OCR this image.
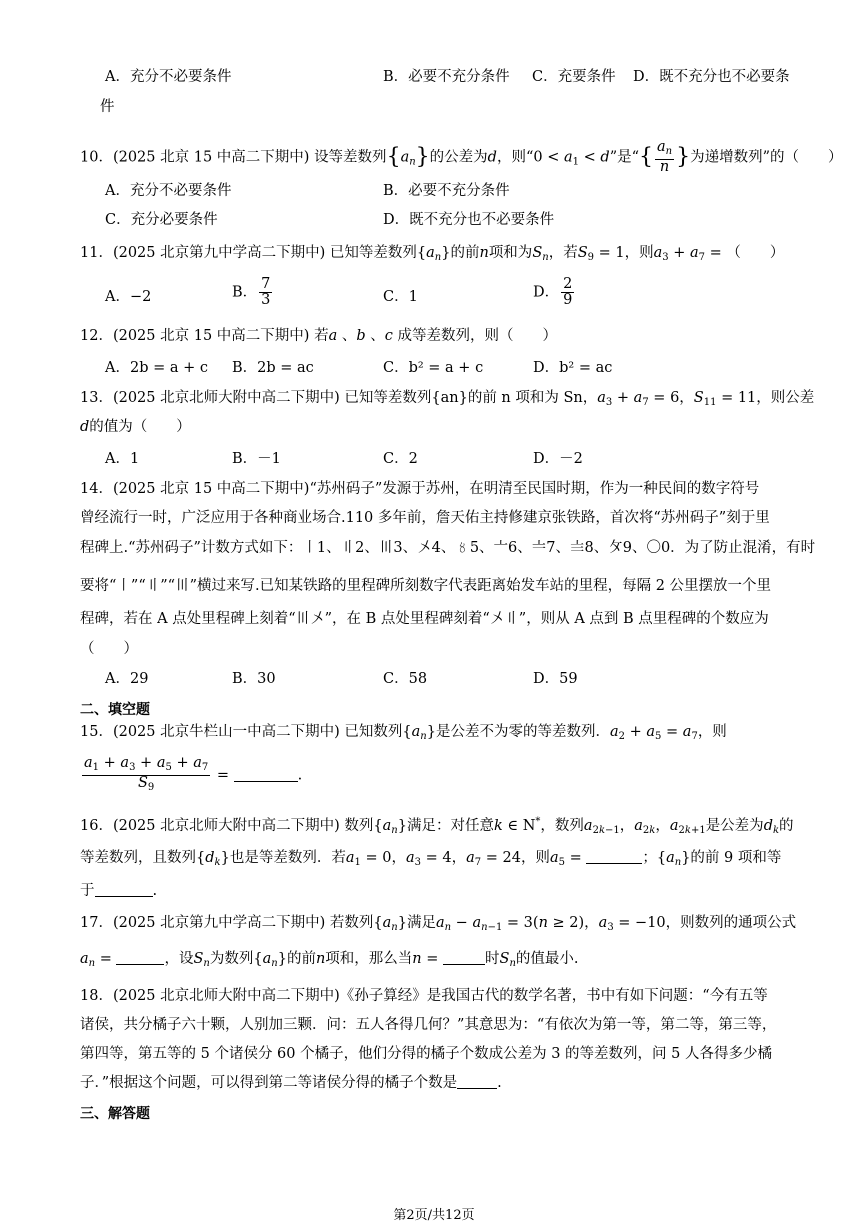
A．充分不必要条件	B．必要不充分条件 C．充要条件 D．既不充分也不必要条
件
10．(2025 北京 15 中高二下期中) 设等差数列$\{a_n\}$的公差为d，则“$0 < a_1 < d$”是“{ $\frac{a_n}{n}$ }为递增数列”的（　　）
A．充分不必要条件	B．必要不充分条件
C．充分必要条件	D．既不充分也不必要条件
11．(2025 北京第九中学高二下期中) 已知等差数列$\{a_n\}$的前n项和为$S_n$，若$S_9 = 1$，则$a_3 + a_7$ = （　　）
A．−2	B． $\frac{7}{3}$	C．1	D． $\frac{2}{9}$
12．(2025 北京 15 中高二下期中) 若a 、b 、c 成等差数列，则（　　）
A．2b = a + c B．2b = ac	C．b² = a + c	D．b² = ac
13．(2025 北京北师大附中高二下期中) 已知等差数列{an}的前 n 项和为 Sn，$a_3 + a_7 = 6$，$S_{11} = 11$，则公差
d的值为（　　）
A．1	B．－1	C．2	D．－2
14．(2025 北京 15 中高二下期中)“苏州码子”发源于苏州，在明清至民国时期，作为一种民间的数字符号
曾经流行一时，广泛应用于各种商业场合.110 多年前，詹天佑主持修建京张铁路，首次将“苏州码子”刻于里
程碑上.“苏州码子”计数方式如下：〡1、〢2、〣3、〤4、〥5、〦6、〧7、〨8、〩9、〇0．为了防止混淆，有时
要将“〡”“〢”“〣”横过来写.已知某铁路的里程碑所刻数字代表距离始发车站的里程，每隔 2 公里摆放一个里
程碑，若在 A 点处里程碑上刻着“〣〤”，在 B 点处里程碑刻着“〤〢”，则从 A 点到 B 点里程碑的个数应为
（　　）
A．29	B．30	C．58	D．59
二、填空题
15．(2025 北京牛栏山一中高二下期中) 已知数列$\{a_n\}$是公差不为零的等差数列．$a_2 + a_5 = a_7$，则
$\frac{a_1 + a_3 + a_5 + a_7}{S_9}$ =	.
16．(2025 北京北师大附中高二下期中) 数列$\{a_n\}$满足：对任意k ∈ N*，数列$a_{2k-1}$，$a_{2k}$，$a_{2k+1}$是公差为$d_k$的
等差数列，且数列$\{d_k\}$也是等差数列．若$a_1 = 0$，$a_3 = 4$，$a_7 = 24$，则$a_5$ =	；$\{a_n\}$的前 9 项和等
于	.
17．(2025 北京第九中学高二下期中) 若数列$\{a_n\}$满足$a_n - a_{n-1} = 3(n \ge 2)$，$a_3 = -10$，则数列的通项公式
$a_n$ =	，设$S_n$为数列$\{a_n\}$的前n项和，那么当n =	时$S_n$的值最小.
18．(2025 北京北师大附中高二下期中)《孙子算经》是我国古代的数学名著，书中有如下问题：“今有五等
诸侯，共分橘子六十颗，人别加三颗．问：五人各得几何？”其意思为：“有依次为第一等，第二等，第三等，
第四等，第五等的 5 个诸侯分 60 个橘子，他们分得的橘子个数成公差为 3 的等差数列，问 5 人各得多少橘
子．”根据这个问题，可以得到第二等诸侯分得的橘子个数是	.
三、解答题
第2页/共12页
